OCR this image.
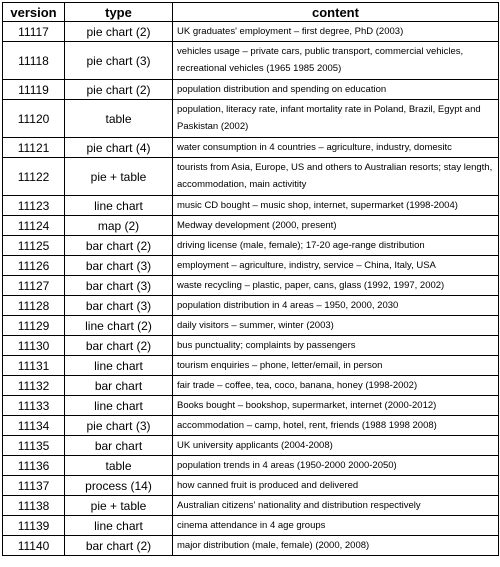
version	type	content
11117	pie chart (2)	UK graduates' employment – first degree, PhD (2003)
11118	pie chart (3)	vehicles usage – private cars, public transport, commercial vehicles, recreational vehicles (1965 1985 2005)
11119	pie chart (2)	population distribution and spending on education
11120	table	population, literacy rate, infant mortality rate in Poland, Brazil, Egypt and Paskistan (2002)
11121	pie chart (4)	water consumption in 4 countries – agriculture, industry, domesitc
11122	pie + table	tourists from Asia, Europe, US and others to Australian resorts; stay length, accommodation, main activitity
11123	line chart	music CD bought – music shop, internet, supermarket (1998-2004)
11124	map (2)	Medway development (2000, present)
11125	bar chart (2)	driving license (male, female); 17-20 age-range distribution
11126	bar chart (3)	employment – agriculture, indistry, service – China, Italy, USA
11127	bar chart (3)	waste recycling – plastic, paper, cans, glass (1992, 1997, 2002)
11128	bar chart (3)	population distribution in 4 areas – 1950, 2000, 2030
11129	line chart (2)	daily visitors – summer, winter (2003)
11130	bar chart (2)	bus punctuality; complaints by passengers
11131	line chart	tourism enquiries – phone, letter/email, in person
11132	bar chart	fair trade – coffee, tea, coco, banana, honey (1998-2002)
11133	line chart	Books bought – bookshop, supermarket, internet (2000-2012)
11134	pie chart (3)	accommodation – camp, hotel, rent, friends (1988 1998 2008)
11135	bar chart	UK university applicants (2004-2008)
11136	table	population trends in 4 areas (1950-2000 2000-2050)
11137	process (14)	how canned fruit is produced and delivered
11138	pie + table	Australian citizens' nationality and distribution respectively
11139	line chart	cinema attendance in 4 age groups
11140	bar chart (2)	major distribution (male, female) (2000, 2008)
